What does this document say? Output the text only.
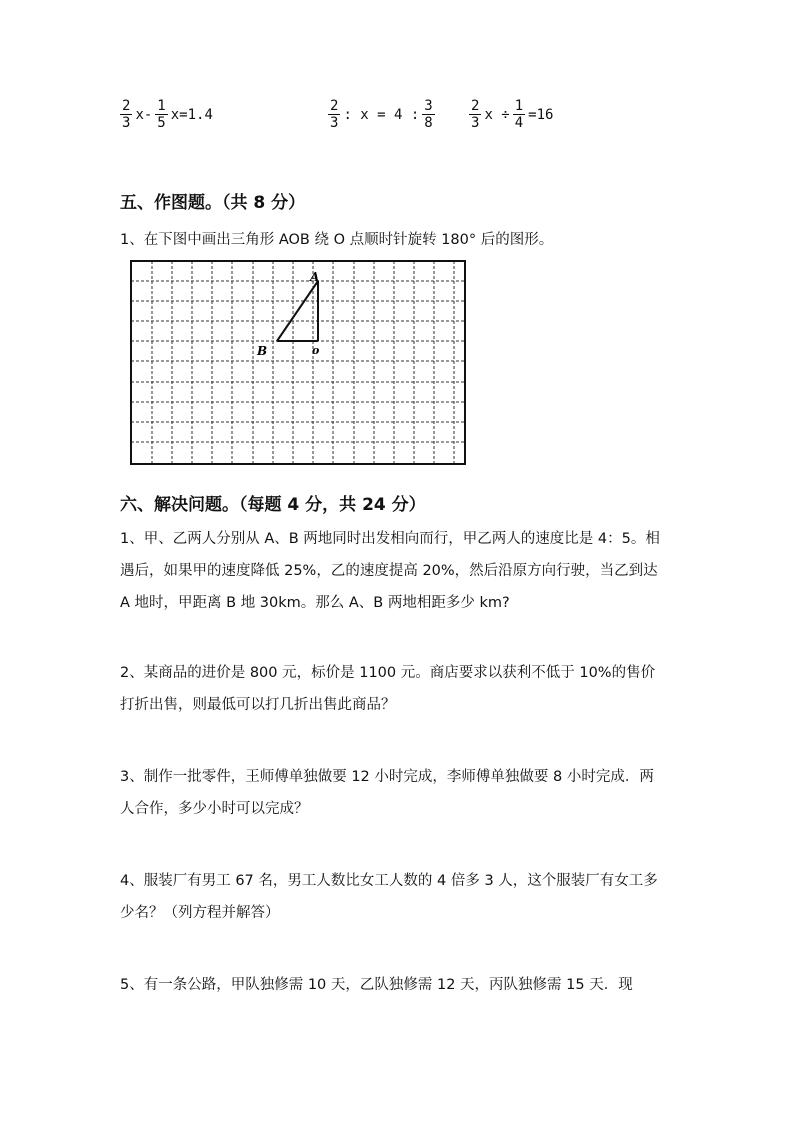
$\frac{2}{3} x- \frac{1}{5} x=1.4$	$\frac{2}{3}$ : x = 4 : $\frac{3}{8} \frac{2}{3}$ $x \div \frac{1}{4} =16$
五、作图题。（共 8 分）
1、在下图中画出三角形 AOB 绕 O 点顺时针旋转 180° 后的图形。
A
B	o
六、解决问题。（每题 4 分，共 24 分）
1、甲、乙两人分别从 A、B 两地同时出发相向而行，甲乙两人的速度比是 4：5。相遇后，如果甲的速度降低 25%，乙的速度提高 20%，然后沿原方向行驶，当乙到达 A 地时，甲距离 B 地 30km。那么 A、B 两地相距多少 km?
2、某商品的进价是 800 元，标价是 1100 元。商店要求以获利不低于 10%的售价打折出售，则最低可以打几折出售此商品？
3、制作一批零件，王师傅单独做要 12 小时完成，李师傅单独做要 8 小时完成．两人合作，多少小时可以完成？
4、服装厂有男工 67 名，男工人数比女工人数的 4 倍多 3 人，这个服装厂有女工多少名？（列方程并解答）
5、有一条公路，甲队独修需 10 天，乙队独修需 12 天，丙队独修需 15 天．现
